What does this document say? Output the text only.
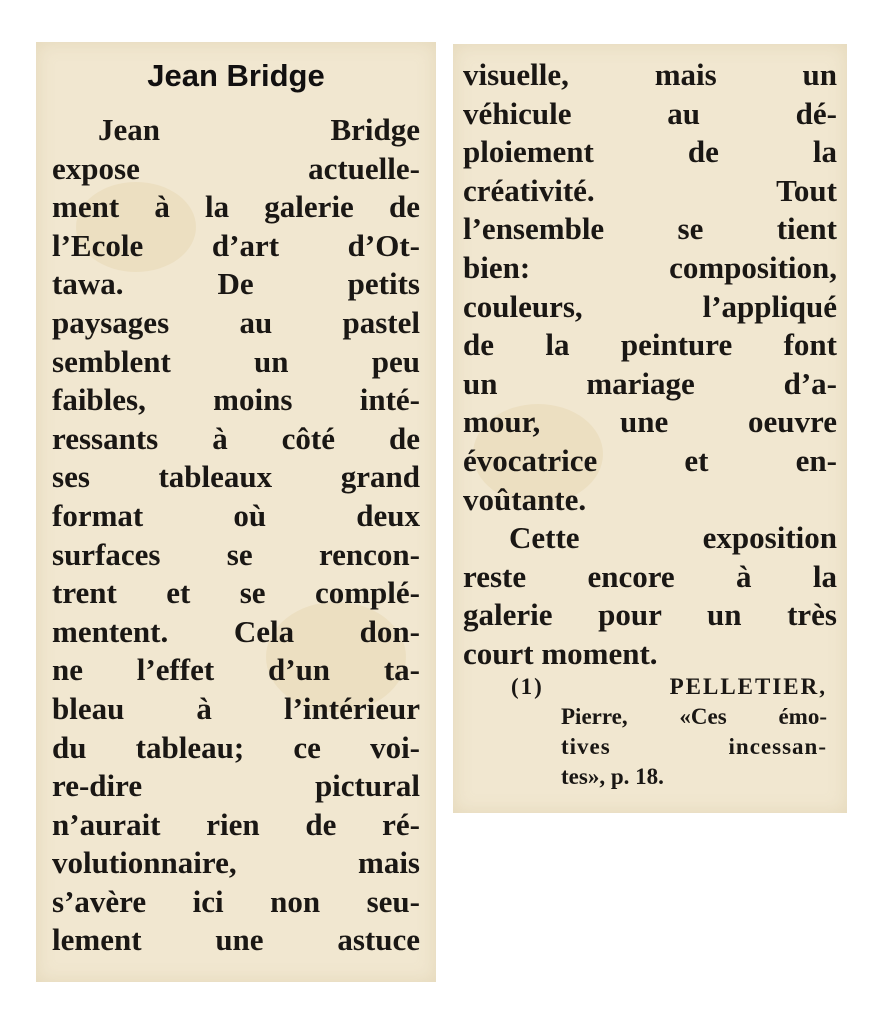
Jean Bridge
Jean Bridge
expose actuelle-
ment à la galerie de
l’Ecole d’art d’Ot-
tawa. De petits
paysages au pastel
semblent un peu
faibles, moins inté-
ressants à côté de
ses tableaux grand
format où deux
surfaces se rencon-
trent et se complé-
mentent. Cela don-
ne l’effet d’un ta-
bleau à l’intérieur
du tableau; ce voi-
re-dire pictural
n’aurait rien de ré-
volutionnaire, mais
s’avère ici non seu-
lement une astuce
visuelle, mais un
véhicule au dé-
ploiement de la
créativité. Tout
l’ensemble se tient
bien: composition,
couleurs, l’appliqué
de la peinture font
un mariage d’a-
mour, une oeuvre
évocatrice et en-
voûtante.
Cette exposition
reste encore à la
galerie pour un très
court moment.
(1) PELLETIER,
Pierre, «Ces émo-
tives incessan-
tes», p. 18.
